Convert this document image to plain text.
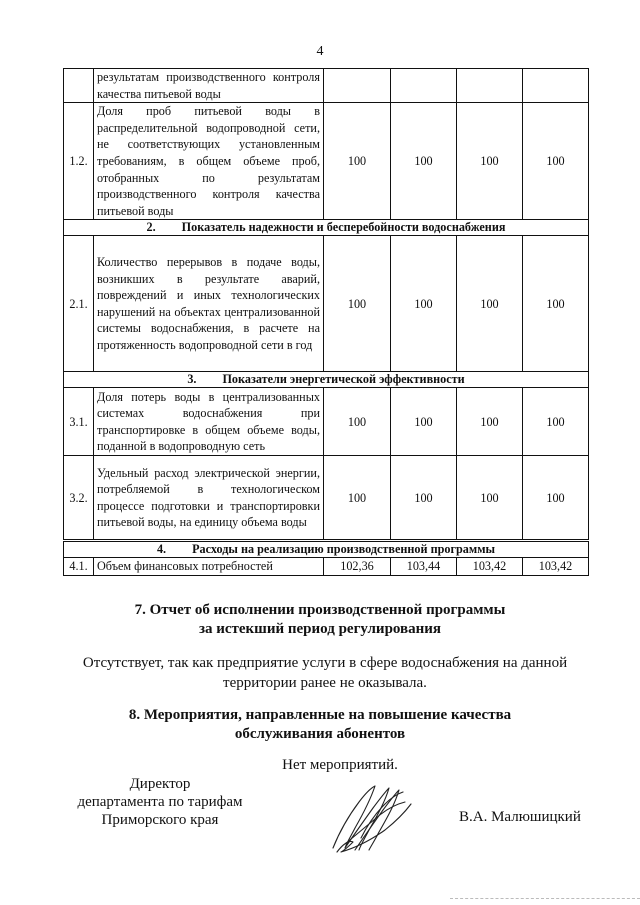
4
	результатам производственного контроля качества питьевой воды				
1.2.	Доля проб питьевой воды в распределительной водопроводной сети, не соответствующих установленным требованиям, в общем объеме проб, отобранных по результатам производственного контроля качества питьевой воды	100	100	100	100
2. Показатель надежности и бесперебойности водоснабжения					
2.1.	Количество перерывов в подаче воды, возникших в результате аварий, повреждений и иных технологических нарушений на объектах централизованной системы водоснабжения, в расчете на протяженность водопроводной сети в год	100	100	100	100
3. Показатели энергетической эффективности					
3.1.	Доля потерь воды в централизованных системах водоснабжения при транспортировке в общем объеме воды, поданной в водопроводную сеть	100	100	100	100
3.2.	Удельный расход электрической энергии, потребляемой в технологическом процессе подготовки и транспортировки питьевой воды, на единицу объема воды	100	100	100	100
4. Расходы на реализацию производственной программы					
4.1.	Объем финансовых потребностей	102,36	103,44	103,42	103,42
7. Отчет об исполнении производственной программы
за истекший период регулирования
Отсутствует, так как предприятие услуги в сфере водоснабжения на данной территории ранее не оказывала.
8. Мероприятия, направленные на повышение качества
обслуживания абонентов
Нет мероприятий.
Директор
департамента по тарифам
Приморского края	В.А. Малюшицкий
